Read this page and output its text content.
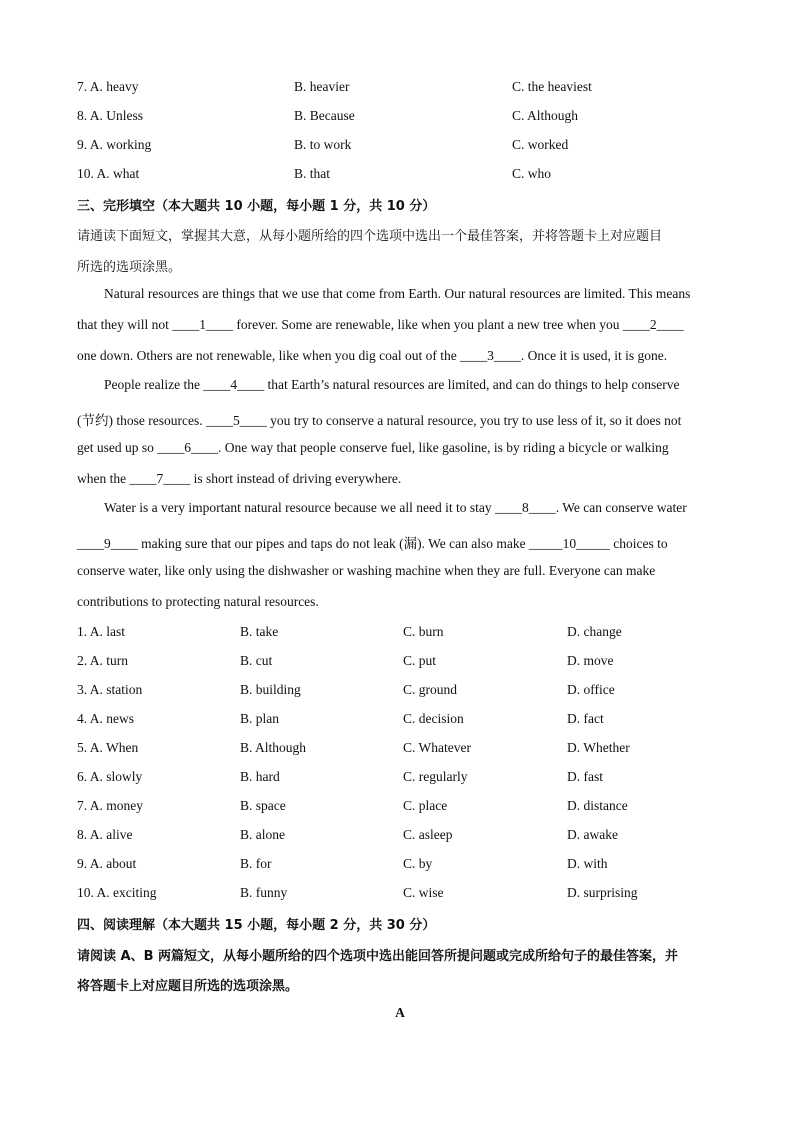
7. A. heavy	B. heavier	C. the heaviest
8. A. Unless	B. Because	C. Although
9. A. working	B. to work	C. worked
10. A. what	B. that	C. who
三、完形填空（本大题共 10 小题，每小题 1 分，共 10 分）
请通读下面短文，掌握其大意，从每小题所给的四个选项中选出一个最佳答案，并将答题卡上对应题目
所选的选项涂黑。
Natural resources are things that we use that come from Earth. Our natural resources are limited. This means
that they will not ____1____ forever. Some are renewable, like when you plant a new tree when you ____2____
one down. Others are not renewable, like when you dig coal out of the ____3____. Once it is used, it is gone.
People realize the ____4____ that Earth’s natural resources are limited, and can do things to help conserve
(节约) those resources. ____5____ you try to conserve a natural resource, you try to use less of it, so it does not
get used up so ____6____. One way that people conserve fuel, like gasoline, is by riding a bicycle or walking
when the ____7____ is short instead of driving everywhere.
Water is a very important natural resource because we all need it to stay ____8____. We can conserve water
____9____ making sure that our pipes and taps do not leak (漏). We can also make _____10_____ choices to
conserve water, like only using the dishwasher or washing machine when they are full. Everyone can make
contributions to protecting natural resources.
1. A. last	B. take	C. burn	D. change
2. A. turn	B. cut	C. put	D. move
3. A. station	B. building	C. ground	D. office
4. A. news	B. plan	C. decision	D. fact
5. A. When	B. Although	C. Whatever	D. Whether
6. A. slowly	B. hard	C. regularly	D. fast
7. A. money	B. space	C. place	D. distance
8. A. alive	B. alone	C. asleep	D. awake
9. A. about	B. for	C. by	D. with
10. A. exciting	B. funny	C. wise	D. surprising
四、阅读理解（本大题共 15 小题，每小题 2 分，共 30 分）
请阅读 A、B 两篇短文，从每小题所给的四个选项中选出能回答所提问题或完成所给句子的最佳答案，并
将答题卡上对应题目所选的选项涂黑。
A
